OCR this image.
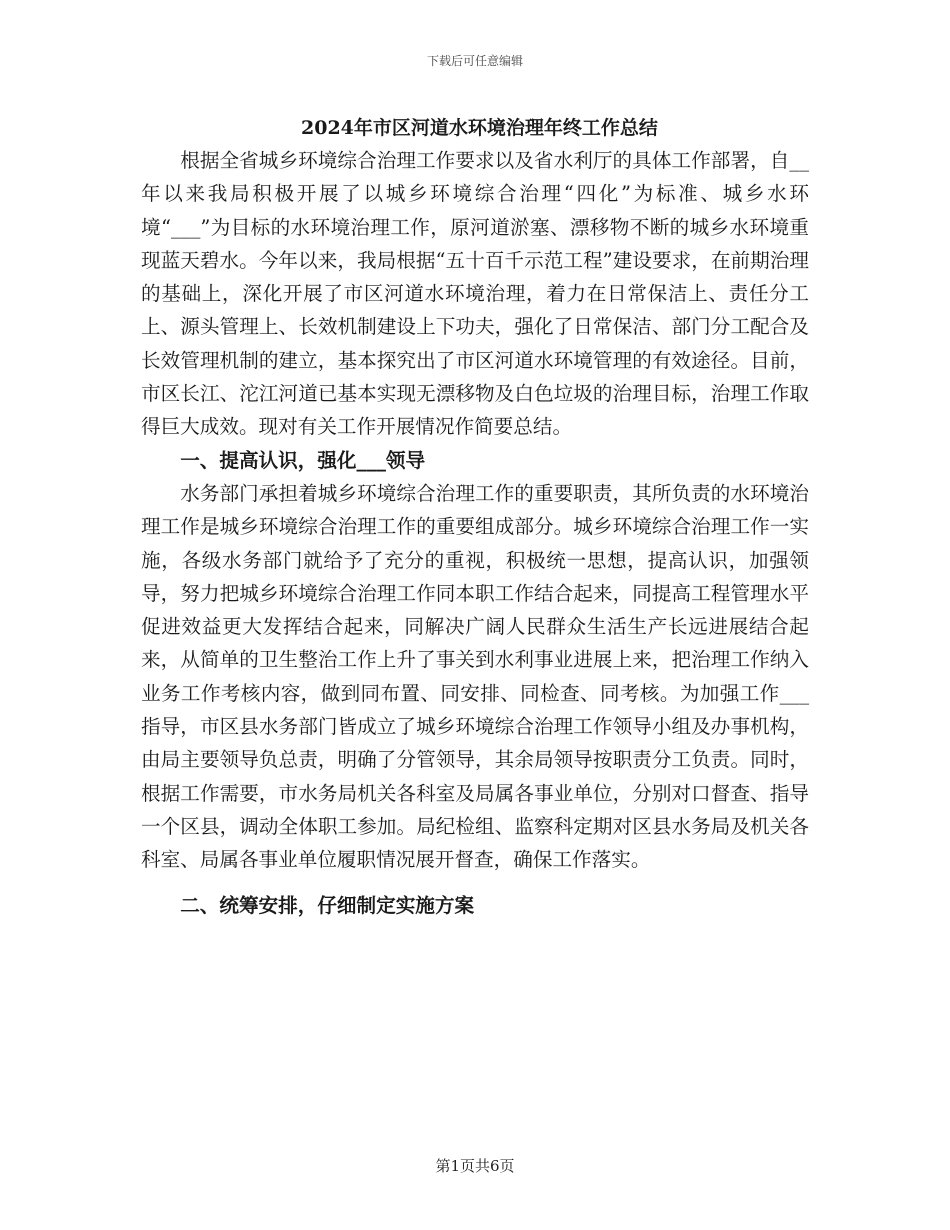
下载后可任意编辑
2024年市区河道水环境治理年终工作总结

根据全省城乡环境综合治理工作要求以及省水利厅的具体工作部署，自__年以来我局积极开展了以城乡环境综合治理“四化”为标准、城乡水环境“___”为目标的水环境治理工作，原河道淤塞、漂移物不断的城乡水环境重现蓝天碧水。今年以来，我局根据“五十百千示范工程”建设要求，在前期治理的基础上，深化开展了市区河道水环境治理，着力在日常保洁上、责任分工上、源头管理上、长效机制建设上下功夫，强化了日常保洁、部门分工配合及长效管理机制的建立，基本探究出了市区河道水环境管理的有效途径。目前，市区长江、沱江河道已基本实现无漂移物及白色垃圾的治理目标，治理工作取得巨大成效。现对有关工作开展情况作简要总结。

一、提高认识，强化___领导

水务部门承担着城乡环境综合治理工作的重要职责，其所负责的水环境治理工作是城乡环境综合治理工作的重要组成部分。城乡环境综合治理工作一实施，各级水务部门就给予了充分的重视，积极统一思想，提高认识，加强领导，努力把城乡环境综合治理工作同本职工作结合起来，同提高工程管理水平促进效益更大发挥结合起来，同解决广阔人民群众生活生产长远进展结合起来，从简单的卫生整治工作上升了事关到水利事业进展上来，把治理工作纳入业务工作考核内容，做到同布置、同安排、同检查、同考核。为加强工作___指导，市区县水务部门皆成立了城乡环境综合治理工作领导小组及办事机构，由局主要领导负总责，明确了分管领导，其余局领导按职责分工负责。同时，根据工作需要，市水务局机关各科室及局属各事业单位，分别对口督查、指导一个区县，调动全体职工参加。局纪检组、监察科定期对区县水务局及机关各科室、局属各事业单位履职情况展开督查，确保工作落实。

二、统筹安排，仔细制定实施方案

第1页共6页
